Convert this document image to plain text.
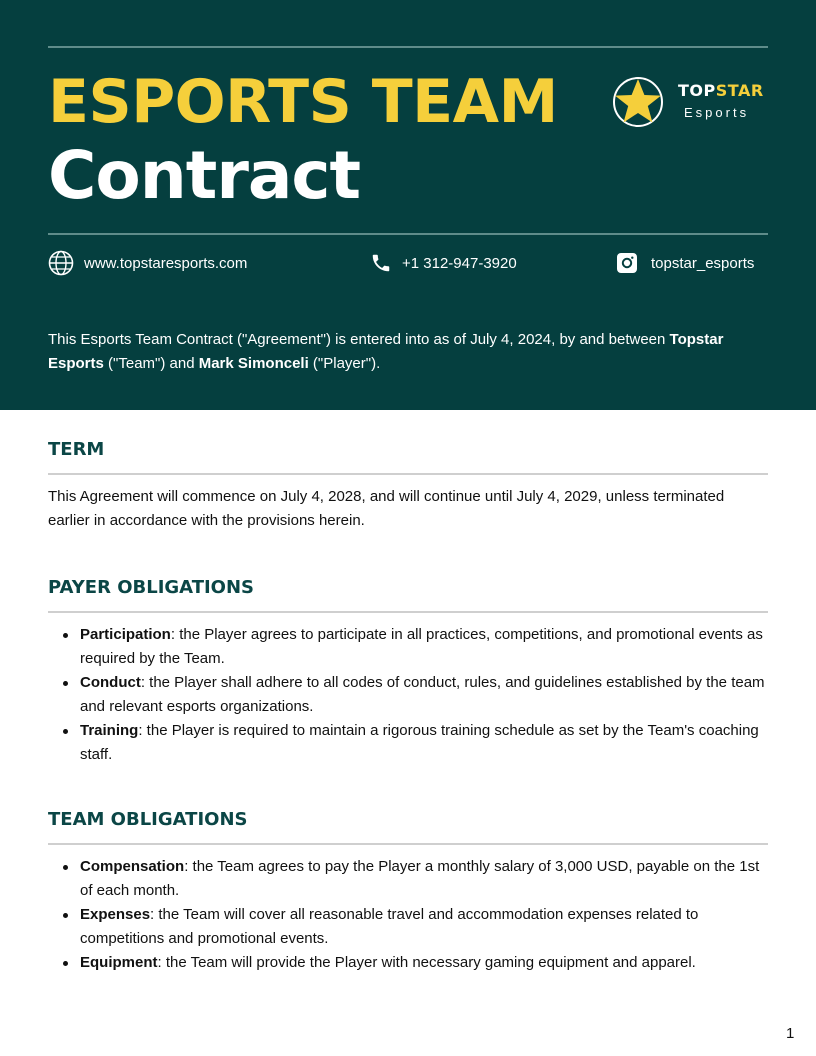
ESPORTS TEAM
Contract
TOPSTAR
Esports
www.topstaresports.com	+1 312-947-3920	topstar_esports

This Esports Team Contract ("Agreement") is entered into as of July 4, 2024, by and between Topstar Esports ("Team") and Mark Simonceli ("Player").

TERM

This Agreement will commence on July 4, 2028, and will continue until July 4, 2029, unless terminated earlier in accordance with the provisions herein.

PAYER OBLIGATIONS
Participation: the Player agrees to participate in all practices, competitions, and promotional events as required by the Team.
Conduct: the Player shall adhere to all codes of conduct, rules, and guidelines established by the team and relevant esports organizations.
Training: the Player is required to maintain a rigorous training schedule as set by the Team's coaching staff.
TEAM OBLIGATIONS
Compensation: the Team agrees to pay the Player a monthly salary of 3,000 USD, payable on the 1st of each month.
Expenses: the Team will cover all reasonable travel and accommodation expenses related to competitions and promotional events.
Equipment: the Team will provide the Player with necessary gaming equipment and apparel.
1
